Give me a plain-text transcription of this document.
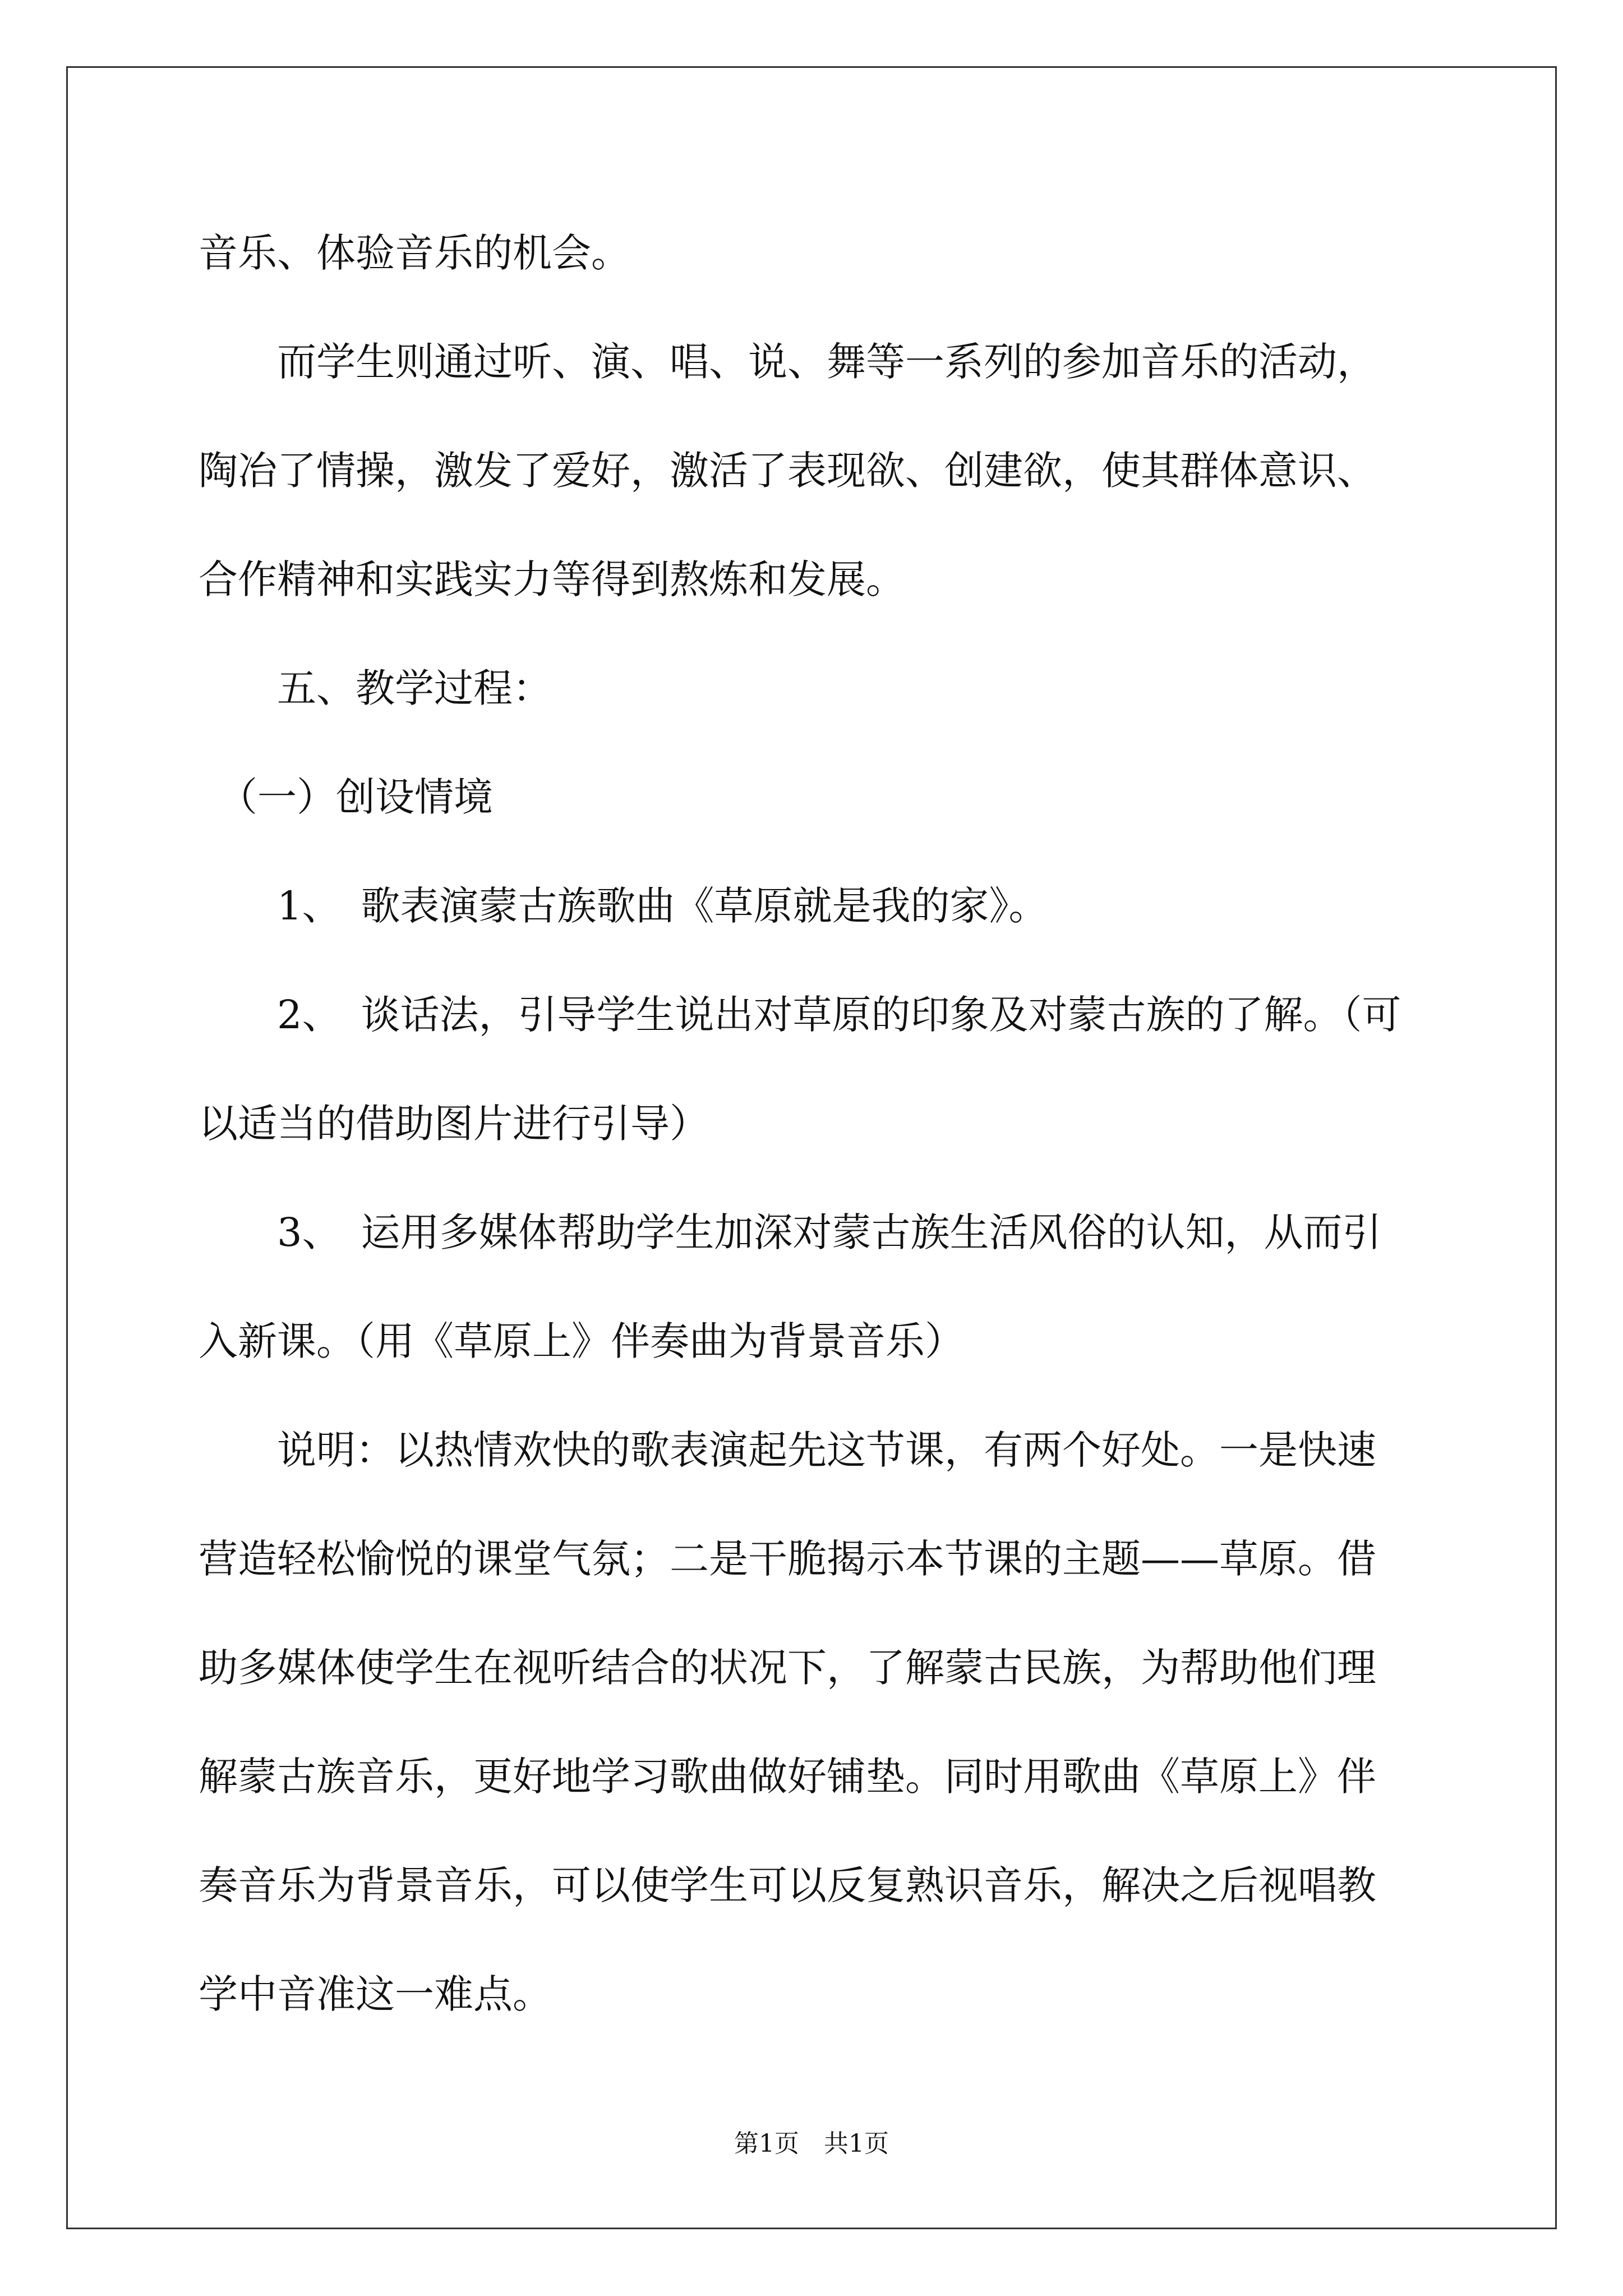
音乐、体验音乐的机会。

　　而学生则通过听、演、唱、说、舞等一系列的参加音乐的活动，

陶冶了情操，激发了爱好，激活了表现欲、创建欲，使其群体意识、

合作精神和实践实力等得到熬炼和发展。

　　五、教学过程：

　（一）创设情境

　　1、　歌表演蒙古族歌曲《草原就是我的家》。

　　2、　谈话法，引导学生说出对草原的印象及对蒙古族的了解。（可

以适当的借助图片进行引导）

　　3、　运用多媒体帮助学生加深对蒙古族生活风俗的认知，从而引

入新课。（用《草原上》伴奏曲为背景音乐）

　　说明：以热情欢快的歌表演起先这节课，有两个好处。一是快速

营造轻松愉悦的课堂气氛；二是干脆揭示本节课的主题——草原。借

助多媒体使学生在视听结合的状况下，了解蒙古民族，为帮助他们理

解蒙古族音乐，更好地学习歌曲做好铺垫。同时用歌曲《草原上》伴

奏音乐为背景音乐，可以使学生可以反复熟识音乐，解决之后视唱教

学中音准这一难点。

第1页　共1页
